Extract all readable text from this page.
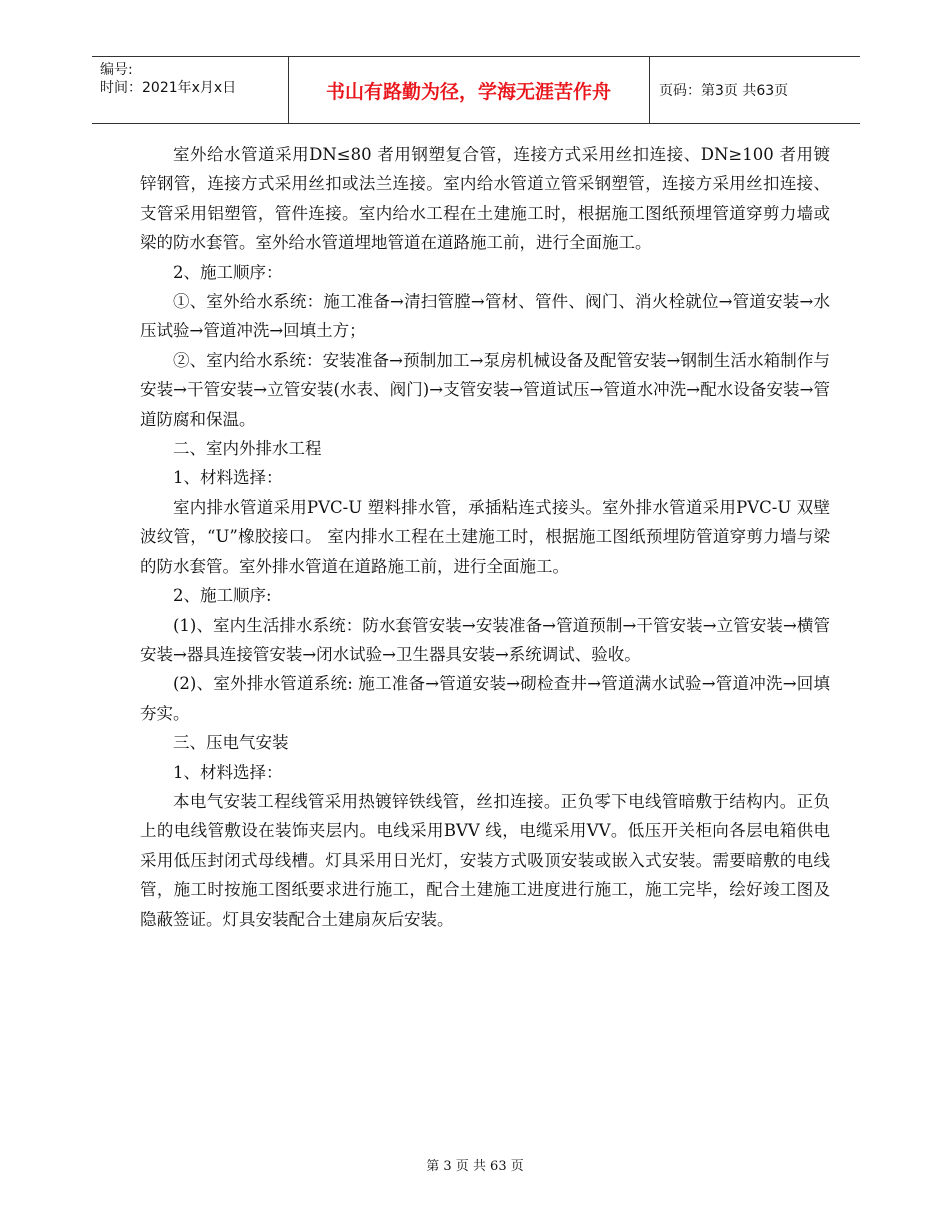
编号:
时间：2021年x月x日	书山有路勤为径，学海无涯苦作舟	页码：第3页 共63页

室外给水管道采用DN≤80 者用钢塑复合管，连接方式采用丝扣连接、DN≥100 者用镀锌钢管，连接方式采用丝扣或法兰连接。室内给水管道立管采钢塑管，连接方采用丝扣连接、支管采用铝塑管，管件连接。室内给水工程在土建施工时，根据施工图纸预埋管道穿剪力墙或梁的防水套管。室外给水管道埋地管道在道路施工前，进行全面施工。

2、施工顺序：

①、室外给水系统：施工准备→清扫管膛→管材、管件、阀门、消火栓就位→管道安装→水压试验→管道冲洗→回填土方；

②、室内给水系统：安装准备→预制加工→泵房机械设备及配管安装→钢制生活水箱制作与安装→干管安装→立管安装(水表、阀门)→支管安装→管道试压→管道水冲洗→配水设备安装→管道防腐和保温。

二、室内外排水工程

1、材料选择：

室内排水管道采用PVC-U 塑料排水管，承插粘连式接头。室外排水管道采用PVC-U 双壁波纹管，“U”橡胶接口。 室内排水工程在土建施工时，根据施工图纸预埋防管道穿剪力墙与梁的防水套管。室外排水管道在道路施工前，进行全面施工。

2、施工顺序:

(1)、室内生活排水系统：防水套管安装→安装准备→管道预制→干管安装→立管安装→横管安装→器具连接管安装→闭水试验→卫生器具安装→系统调试、验收。

(2)、室外排水管道系统: 施工准备→管道安装→砌检查井→管道满水试验→管道冲洗→回填夯实。

三、压电气安装

1、材料选择：

本电气安装工程线管采用热镀锌铁线管，丝扣连接。正负零下电线管暗敷于结构内。正负上的电线管敷设在装饰夹层内。电线采用BVV 线，电缆采用VV。低压开关柜向各层电箱供电采用低压封闭式母线槽。灯具采用日光灯，安装方式吸顶安装或嵌入式安装。需要暗敷的电线管，施工时按施工图纸要求进行施工，配合土建施工进度进行施工，施工完毕，绘好竣工图及隐蔽签证。灯具安装配合土建扇灰后安装。

第 3 页 共 63 页
